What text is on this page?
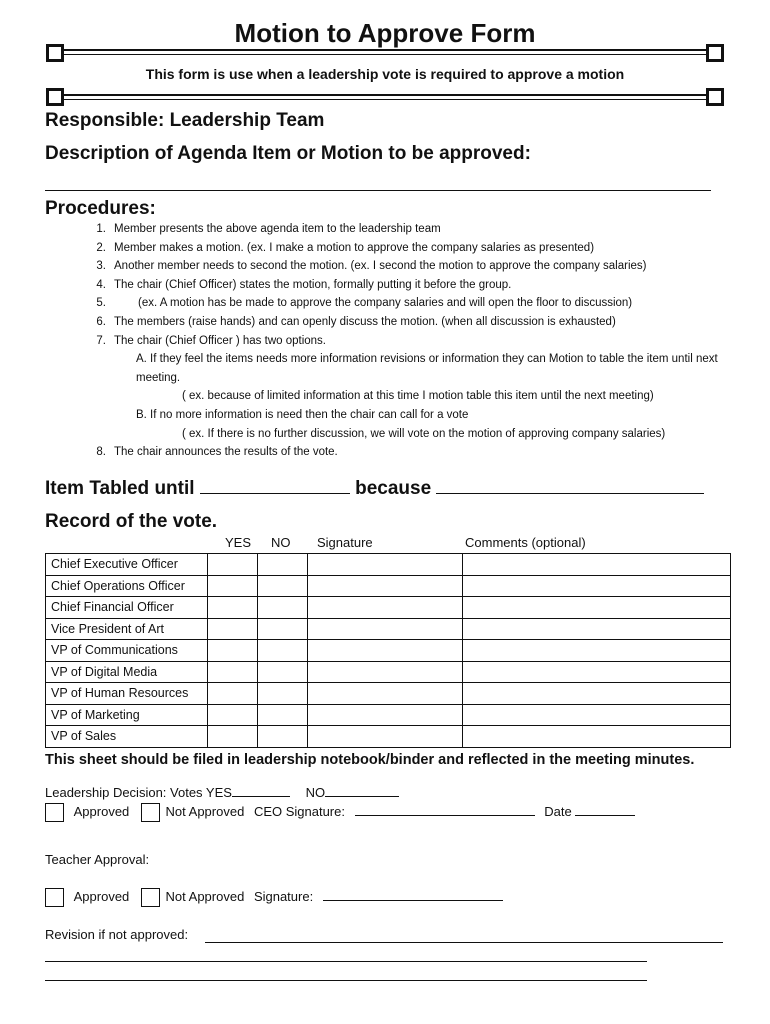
Motion to Approve Form
This form is use when a leadership vote is required to approve a motion
Responsible: Leadership Team
Description of Agenda Item or Motion to be approved:
Procedures:
1. Member presents the above agenda item to the leadership team
2. Member makes a motion. (ex. I make a motion to approve the company salaries as presented)
3. Another member needs to second the motion. (ex. I second the motion to approve the company salaries)
4. The chair (Chief Officer) states the motion, formally putting it before the group.
5.	(ex. A motion has be made to approve the company salaries and will open the floor to discussion)
6. The members (raise hands) and can openly discuss the motion. (when all discussion is exhausted)
7. The chair (Chief Officer ) has two options.
A. If they feel the items needs more information revisions or information they can Motion to table the item until next meeting.
( ex. because of limited information at this time I motion table this item until the next meeting)
B. If no more information is need then the chair can call for a vote
( ex. If there is no further discussion, we will vote on the motion of approving company salaries)
8. The chair announces the results of the vote.
Item Tabled until	because
Record of the vote.
YES NO Signature	Comments (optional)
Chief Executive Officer				
Chief Operations Officer				
Chief Financial Officer				
Vice President of Art				
VP of Communications				
VP of Digital Media				
VP of Human Resources				
VP of Marketing				
VP of Sales				
This sheet should be filed in leadership notebook/binder and reflected in the meeting minutes.
Leadership Decision: Votes YES	NO
Approved	Not Approved CEO Signature:	Date
Teacher Approval:
Approved	Not Approved Signature:
Revision if not approved:
